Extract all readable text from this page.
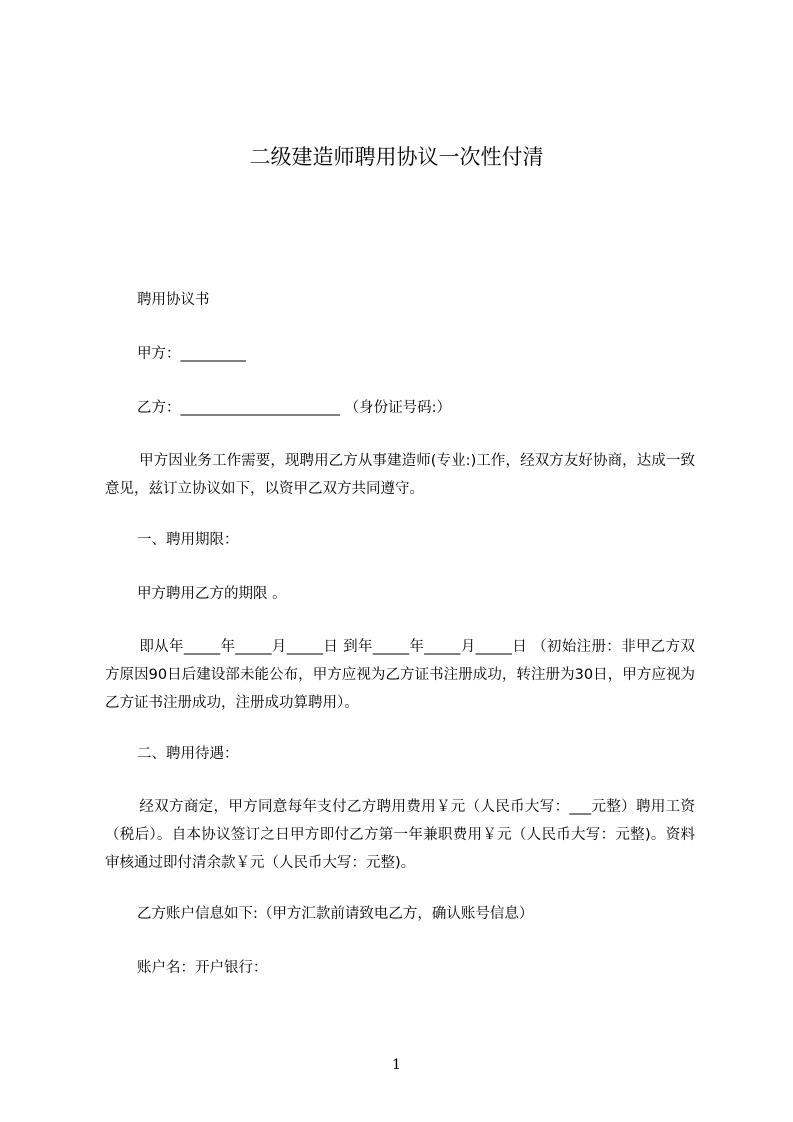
二级建造师聘用协议一次性付清
聘用协议书
甲方：_________
乙方：______________________ （身份证号码:）
甲方因业务工作需要，现聘用乙方从事建造师(专业:)工作，经双方友好协商，达成一致意见，兹订立协议如下，以资甲乙双方共同遵守。
一、聘用期限：
甲方聘用乙方的期限 。
即从年_____年_____月_____日 到年_____年_____月_____日 （初始注册：非甲乙方双方原因90日后建设部未能公布，甲方应视为乙方证书注册成功，转注册为30日，甲方应视为乙方证书注册成功，注册成功算聘用）。
二、聘用待遇：
经双方商定，甲方同意每年支付乙方聘用费用￥元（人民币大写：___元整）聘用工资（税后）。自本协议签订之日甲方即付乙方第一年兼职费用￥元（人民币大写：元整)。资料审核通过即付清余款￥元（人民币大写：元整)。
乙方账户信息如下:（甲方汇款前请致电乙方，确认账号信息）
账户名：开户银行：
1
